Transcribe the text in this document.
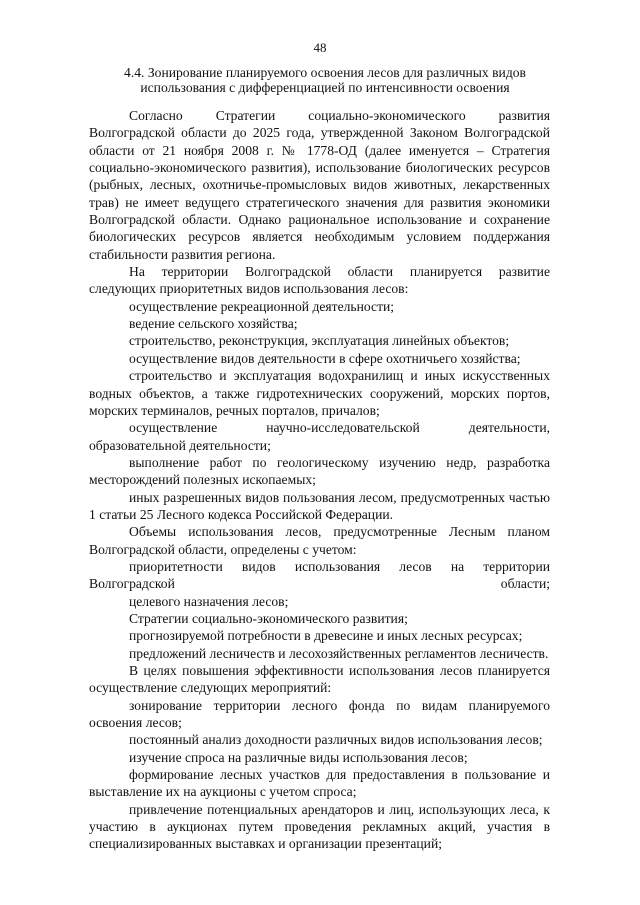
48
4.4. Зонирование планируемого освоения лесов для различных видов
использования с дифференциацией по интенсивности освоения

Согласно Стратегии социально-экономического развития Волгоградской области до 2025 года, утвержденной Законом Волгоградской области от 21 ноября 2008 г. № 1778-ОД (далее именуется – Стратегия социально-экономического развития), использование биологических ресурсов (рыбных, лесных, охотничье-промысловых видов животных, лекарственных трав) не имеет ведущего стратегического значения для развития экономики Волгоградской области. Однако рациональное использование и сохранение биологических ресурсов является необходимым условием поддержания стабильности развития региона.

На территории Волгоградской области планируется развитие следующих приоритетных видов использования лесов:

осуществление рекреационной деятельности;

ведение сельского хозяйства;

строительство, реконструкция, эксплуатация линейных объектов;

осуществление видов деятельности в сфере охотничьего хозяйства;

строительство и эксплуатация водохранилищ и иных искусственных водных объектов, а также гидротехнических сооружений, морских портов, морских терминалов, речных порталов, причалов;

осуществление научно-исследовательской деятельности, образовательной деятельности;

выполнение работ по геологическому изучению недр, разработка месторождений полезных ископаемых;

иных разрешенных видов пользования лесом, предусмотренных частью 1 статьи 25 Лесного кодекса Российской Федерации.

Объемы использования лесов, предусмотренные Лесным планом Волгоградской области, определены с учетом:

приоритетности видов использования лесов на территории Волгоградской области;

целевого назначения лесов;

Стратегии социально-экономического развития;

прогнозируемой потребности в древесине и иных лесных ресурсах;

предложений лесничеств и лесохозяйственных регламентов лесничеств.

В целях повышения эффективности использования лесов планируется осуществление следующих мероприятий:

зонирование территории лесного фонда по видам планируемого освоения лесов;

постоянный анализ доходности различных видов использования лесов;

изучение спроса на различные виды использования лесов;

формирование лесных участков для предоставления в пользование и выставление их на аукционы с учетом спроса;

привлечение потенциальных арендаторов и лиц, использующих леса, к участию в аукционах путем проведения рекламных акций, участия в специализированных выставках и организации презентаций;
